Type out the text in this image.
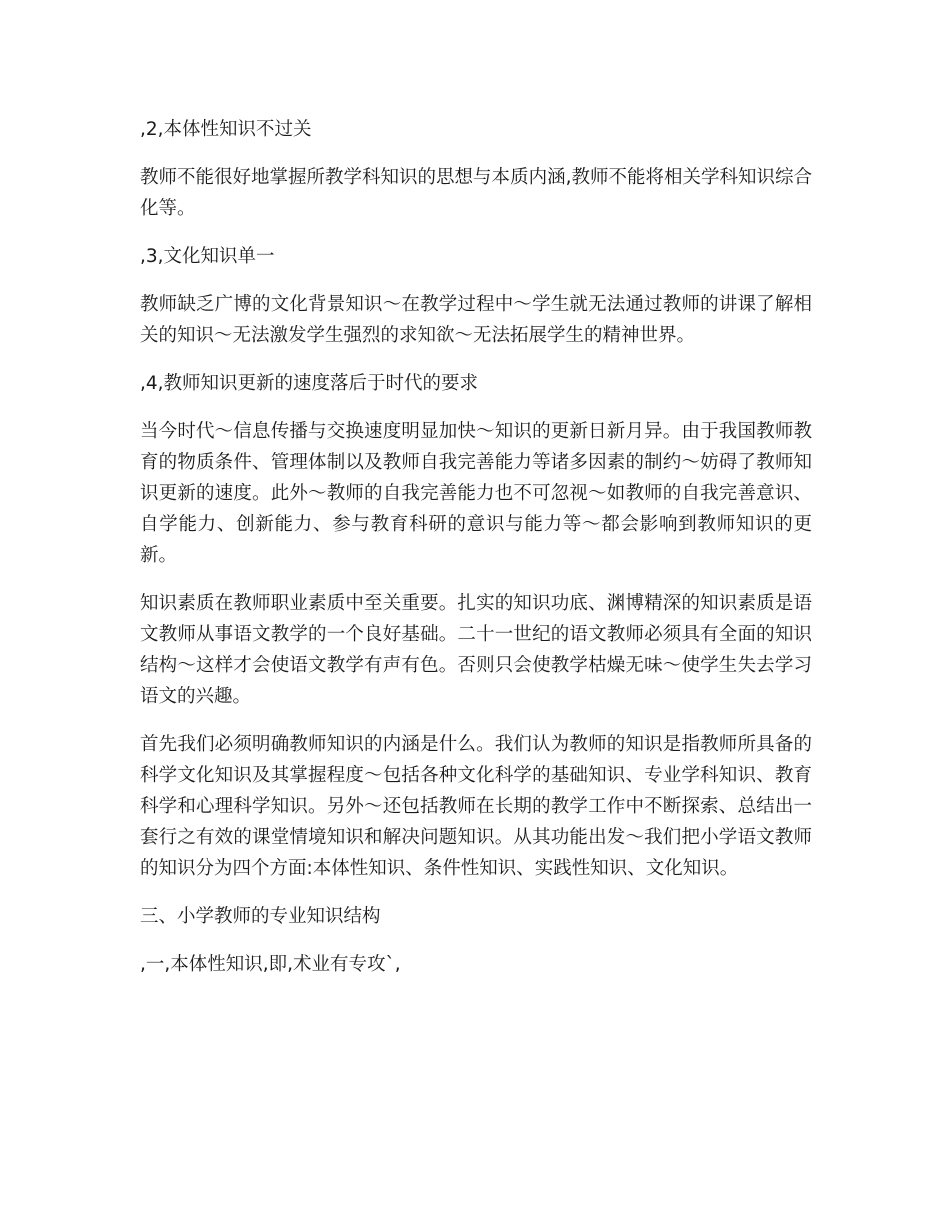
,2,本体性知识不过关

教师不能很好地掌握所教学科知识的思想与本质内涵,教师不能将相关学科知识综合化等。

,3,文化知识单一

教师缺乏广博的文化背景知识～在教学过程中～学生就无法通过教师的讲课了解相关的知识～无法激发学生强烈的求知欲～无法拓展学生的精神世界。

,4,教师知识更新的速度落后于时代的要求

当今时代～信息传播与交换速度明显加快～知识的更新日新月异。由于我国教师教育的物质条件、管理体制以及教师自我完善能力等诸多因素的制约～妨碍了教师知识更新的速度。此外～教师的自我完善能力也不可忽视～如教师的自我完善意识、自学能力、创新能力、参与教育科研的意识与能力等～都会影响到教师知识的更新。

知识素质在教师职业素质中至关重要。扎实的知识功底、渊博精深的知识素质是语文教师从事语文教学的一个良好基础。二十一世纪的语文教师必须具有全面的知识结构～这样才会使语文教学有声有色。否则只会使教学枯燥无味～使学生失去学习语文的兴趣。

首先我们必须明确教师知识的内涵是什么。我们认为教师的知识是指教师所具备的科学文化知识及其掌握程度～包括各种文化科学的基础知识、专业学科知识、教育科学和心理科学知识。另外～还包括教师在长期的教学工作中不断探索、总结出一套行之有效的课堂情境知识和解决问题知识。从其功能出发～我们把小学语文教师的知识分为四个方面:本体性知识、条件性知识、实践性知识、文化知识。

三、小学教师的专业知识结构

,一,本体性知识,即,术业有专攻`,
